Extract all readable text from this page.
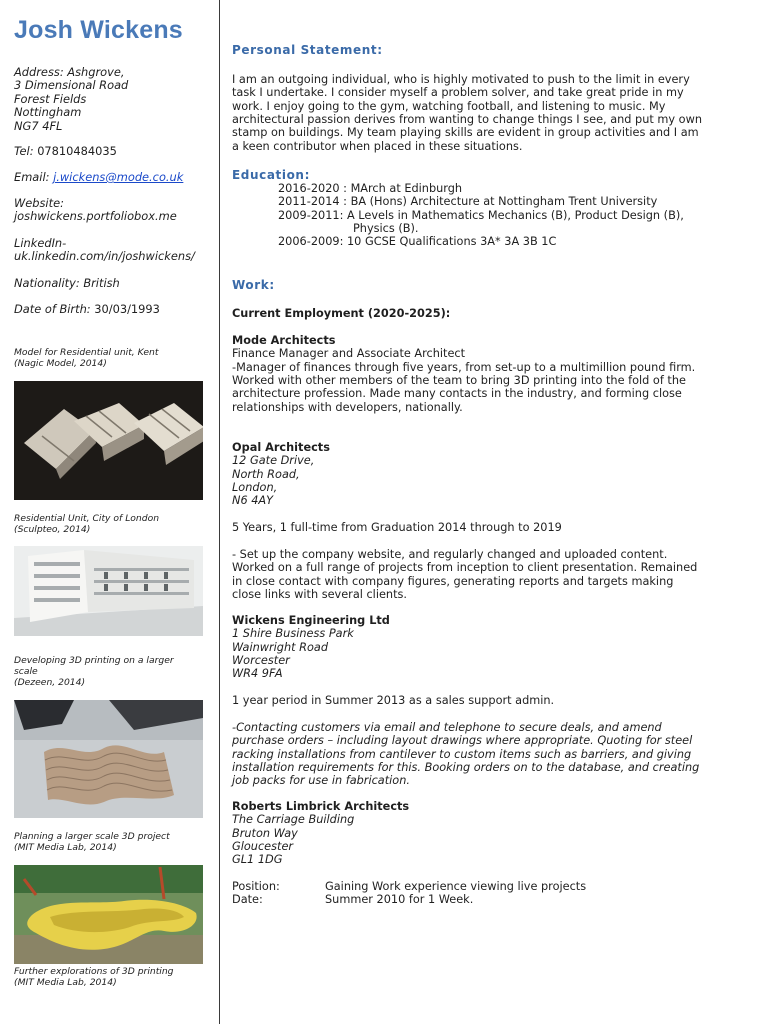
Josh Wickens
Address: Ashgrove,
3 Dimensional Road
Forest Fields
Nottingham
NG7 4FL
Tel: 07810484035
Email: j.wickens@mode.co.uk
Website:
joshwickens.portfoliobox.me
LinkedIn-
uk.linkedin.com/in/joshwickens/
Nationality: British
Date of Birth: 30/03/1993
Model for Residential unit, Kent
(Nagic Model, 2014)
Residential Unit, City of London
(Sculpteo, 2014)
Developing 3D printing on a larger
scale
(Dezeen, 2014)
Planning a larger scale 3D project
(MIT Media Lab, 2014)
Further explorations of 3D printing
(MIT Media Lab, 2014)
Personal Statement:
I am an outgoing individual, who is highly motivated to push to the limit in every
task I undertake. I consider myself a problem solver, and take great pride in my
work. I enjoy going to the gym, watching football, and listening to music. My
architectural passion derives from wanting to change things I see, and put my own
stamp on buildings. My team playing skills are evident in group activities and I am
a keen contributor when placed in these situations.
Education:
2016-2020 : MArch at Edinburgh
2011-2014 : BA (Hons) Architecture at Nottingham Trent University
2009-2011: A Levels in Mathematics Mechanics (B), Product Design (B),
Physics (B).
2006-2009: 10 GCSE Qualifications 3A* 3A 3B 1C
Work:
Current Employment (2020-2025):
Mode Architects
Finance Manager and Associate Architect
-Manager of finances through five years, from set-up to a multimillion pound firm.
Worked with other members of the team to bring 3D printing into the fold of the
architecture profession. Made many contacts in the industry, and forming close
relationships with developers, nationally.
Opal Architects
12 Gate Drive,
North Road,
London,
N6 4AY
5 Years, 1 full-time from Graduation 2014 through to 2019
- Set up the company website, and regularly changed and uploaded content.
Worked on a full range of projects from inception to client presentation. Remained
in close contact with company figures, generating reports and targets making
close links with several clients.
Wickens Engineering Ltd
1 Shire Business Park
Wainwright Road
Worcester
WR4 9FA
1 year period in Summer 2013 as a sales support admin.
-Contacting customers via email and telephone to secure deals, and amend
purchase orders – including layout drawings where appropriate. Quoting for steel
racking installations from cantilever to custom items such as barriers, and giving
installation requirements for this. Booking orders on to the database, and creating
job packs for use in fabrication.
Roberts Limbrick Architects
The Carriage Building
Bruton Way
Gloucester
GL1 1DG
Position:	Gaining Work experience viewing live projects
Date:	Summer 2010 for 1 Week.
